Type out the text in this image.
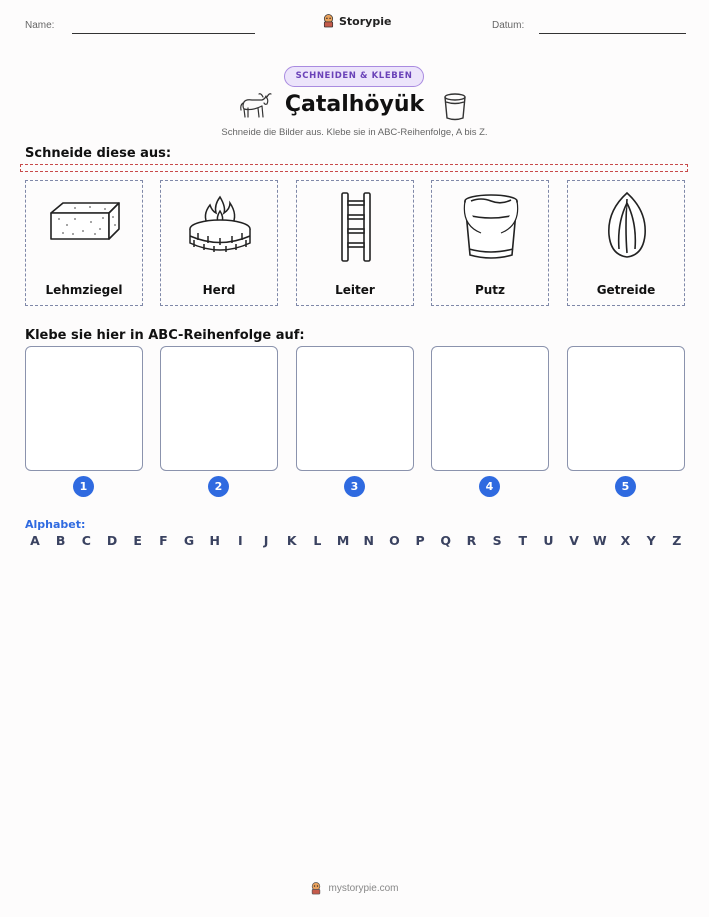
Name:	Storypie	Datum:
SCHNEIDEN & KLEBEN
Çatalhöyük
Schneide die Bilder aus. Klebe sie in ABC-Reihenfolge, A bis Z.
Schneide diese aus:
Lehmziegel	Herd	Leiter	Putz	Getreide
Klebe sie hier in ABC-Reihenfolge auf:
1	2	3	4	5
Alphabet:
A B C D E F G H	I	J	K L M N O P Q R S T U V W X Y Z
mystorypie.com
